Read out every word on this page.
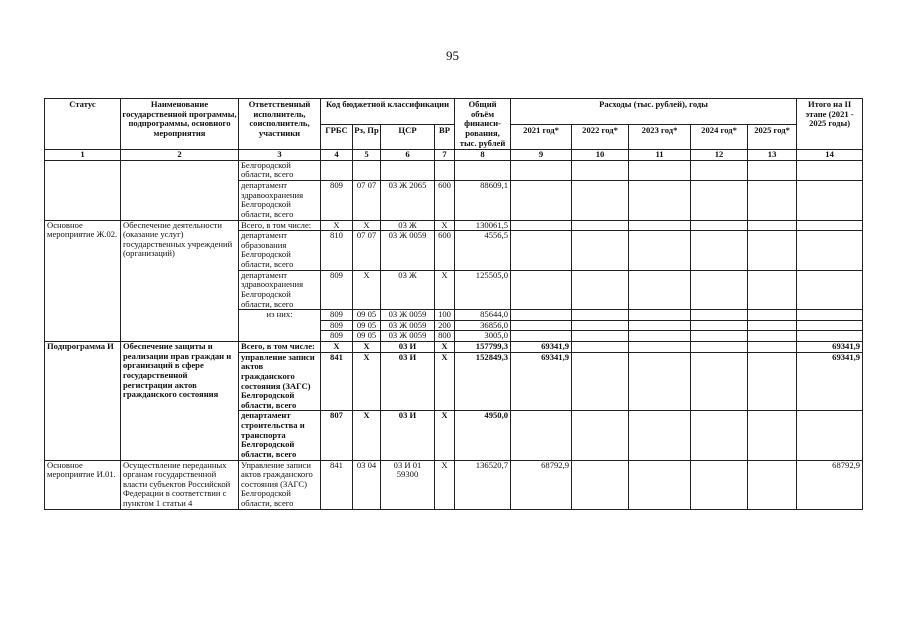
95
Статус	Наименование государственной программы, подпрограммы, основного мероприятия	Ответственный исполнитель, соисполнитель, участники	Код бюджетной классификации				Общий объём финанси-рования, тыс. рублей	Расходы (тыс. рублей), годы					Итого на II этапе (2021 - 2025 годы)
			ГРБС	Рз, Пр	ЦСР	ВР		2021 год*	2022 год*	2023 год*	2024 год*	2025 год*	
1	2	3	4	5	6	7	8	9	10	11	12	13	14
		Белгородской области, всего											
		департамент здравоохранения Белгородской области, всего	809	07 07	03 Ж 2065	600	88609,1						
Основное мероприятие Ж.02.	Обеспечение деятельности (оказание услуг) государственных учреждений (организаций)	Всего, в том числе:	Х	Х	03 Ж	Х	130061,5						
		департамент образования Белгородской области, всего	810	07 07	03 Ж 0059	600	4556,5						
		департамент здравоохранения Белгородской области, всего	809	Х	03 Ж	Х	125505,0						
		из них:	809	09 05	03 Ж 0059	100	85644,0						
			809	09 05	03 Ж 0059	200	36856,0						
			809	09 05	03 Ж 0059	800	3005,0						
Подпрограмма И	Обеспечение защиты и реализации прав граждан и организаций в сфере государственной регистрации актов гражданского состояния	Всего, в том числе:	Х	Х	03 И	Х	157799,3	69341,9					69341,9
		управление записи актов гражданского состояния (ЗАГС) Белгородской области, всего	841	Х	03 И	Х	152849,3	69341,9					69341,9
		департамент строительства и транспорта Белгородской области, всего	807	Х	03 И	Х	4950,0						
Основное мероприятие И.01.	Осуществление переданных органам государственной власти субъектов Российской Федерации в соответствии с пунктом 1 статьи 4	Управление записи актов гражданского состояния (ЗАГС) Белгородской области, всего	841	03 04	03 И 01 59300	Х	136520,7	68792,9					68792,9
